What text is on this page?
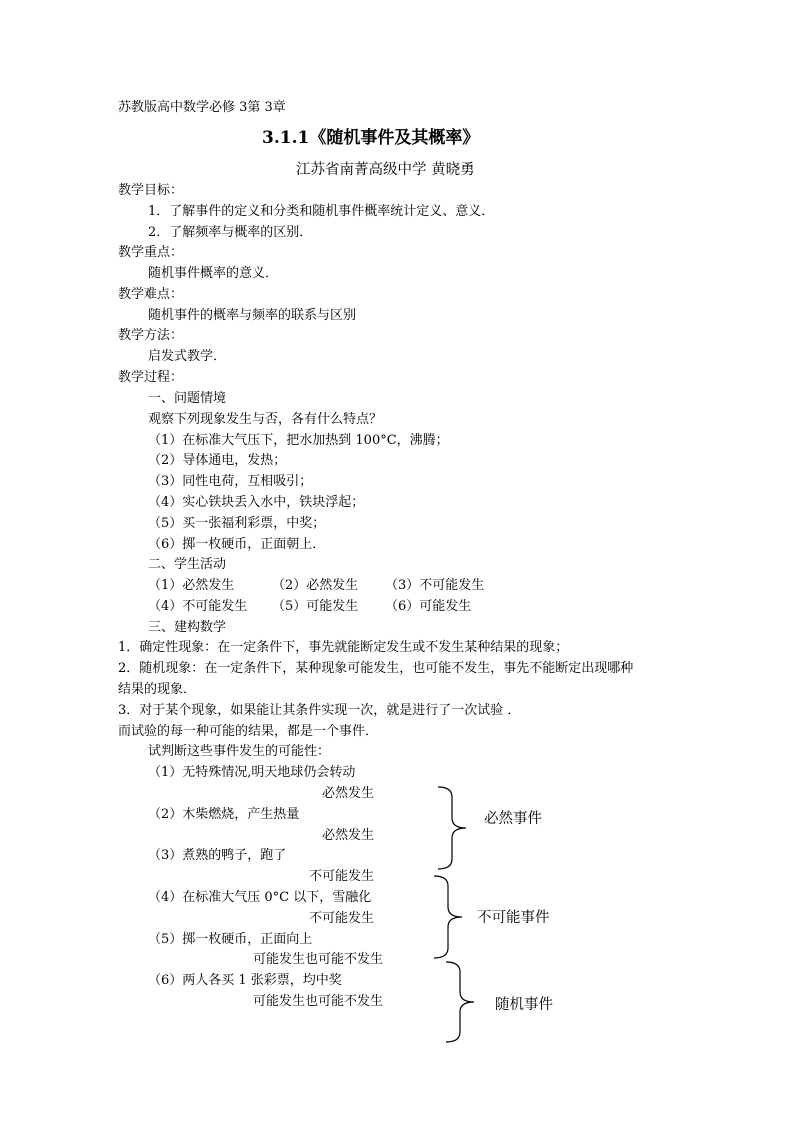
苏教版高中数学必修 3第 3章
3.1.1《随机事件及其概率》
江苏省南菁高级中学 黄晓勇
教学目标：
1．了解事件的定义和分类和随机事件概率统计定义、意义．
2．了解频率与概率的区别．
教学重点：
随机事件概率的意义．
教学难点：
随机事件的概率与频率的联系与区别
教学方法：
启发式教学．
教学过程：
一、问题情境
观察下列现象发生与否，各有什么特点？
（1）在标准大气压下，把水加热到 100°C，沸腾；
（2）导体通电，发热；
（3）同性电荷，互相吸引；
（4）实心铁块丢入水中，铁块浮起；
（5）买一张福利彩票，中奖；
（6）掷一枚硬币，正面朝上．
二、学生活动
（1）必然发生	（2）必然发生 （3）不可能发生
（4）不可能发生 （5）可能发生 （6）可能发生
三、建构数学
1．确定性现象：在一定条件下，事先就能断定发生或不发生某种结果的现象；
2．随机现象：在一定条件下，某种现象可能发生，也可能不发生，事先不能断定出现哪种
结果的现象．
3．对于某个现象，如果能让其条件实现一次，就是进行了一次试验 ．
而试验的每一种可能的结果，都是一个事件．
试判断这些事件发生的可能性：
（1）无特殊情况,明天地球仍会转动
必然发生
（2）木柴燃烧，产生热量
必然发生
（3）煮熟的鸭子，跑了
不可能发生
（4）在标准大气压 0°C 以下，雪融化
不可能发生
（5）掷一枚硬币，正面向上
可能发生也可能不发生
（6）两人各买 1 张彩票，均中奖
可能发生也可能不发生
必然事件
不可能事件
随机事件
